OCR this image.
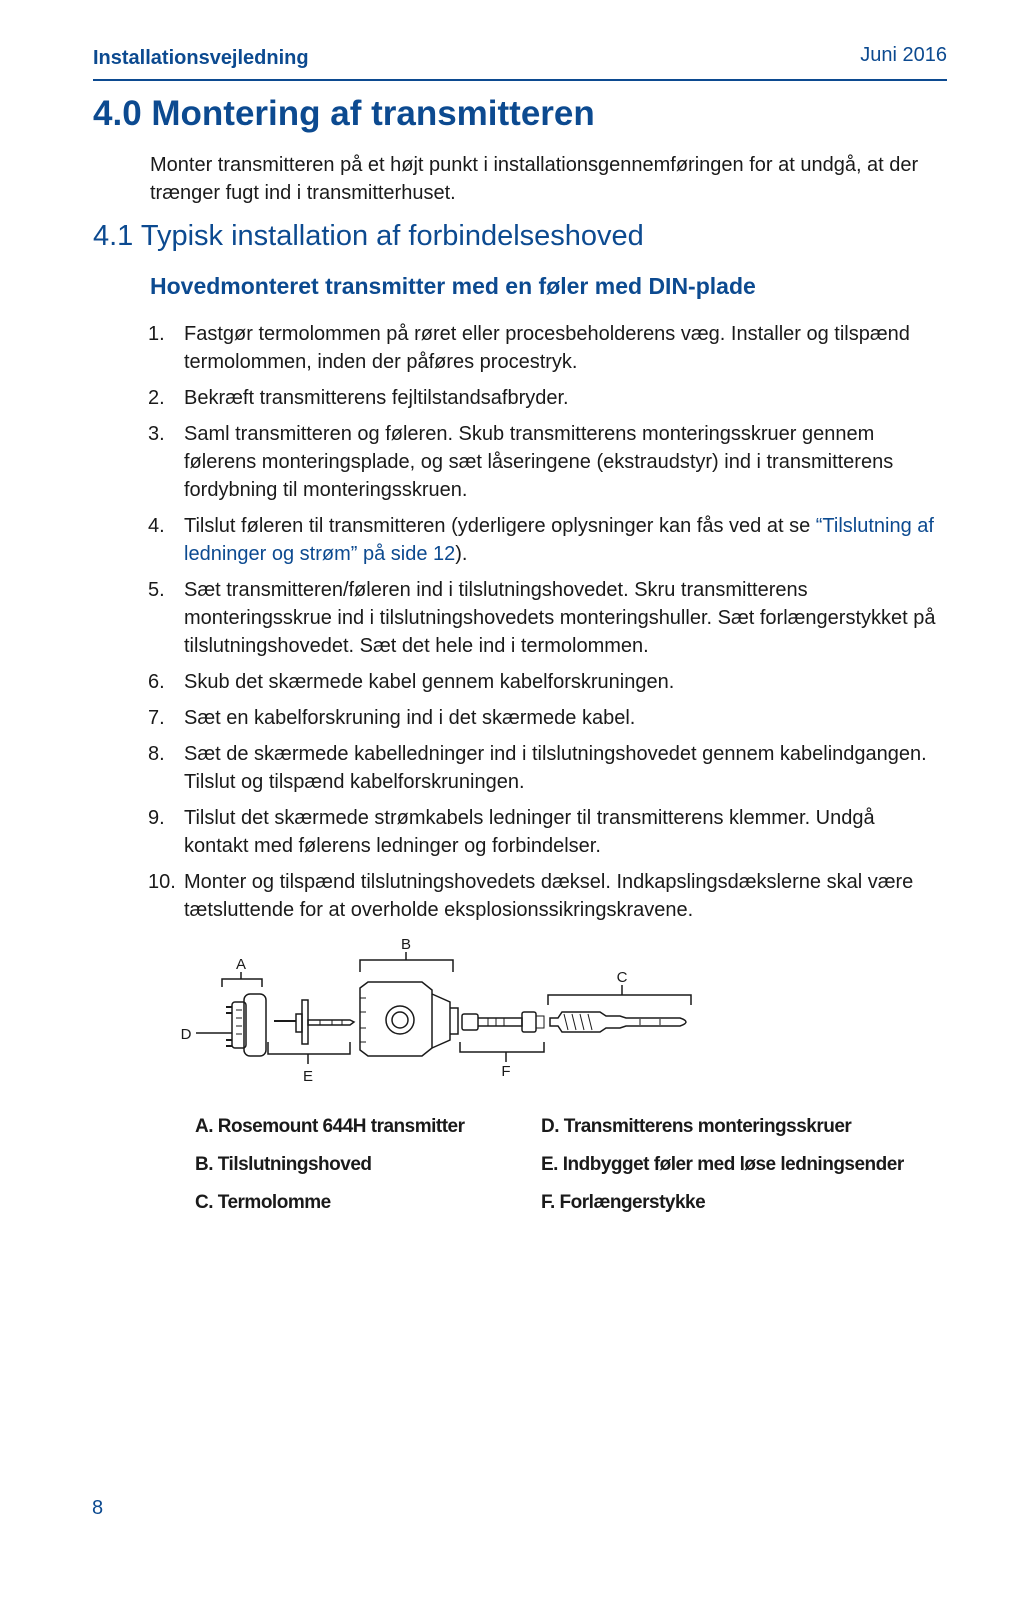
Installationsvejledning	Juni 2016
4.0 Montering af transmitteren
Monter transmitteren på et højt punkt i installationsgennemføringen for at undgå, at der trænger fugt ind i transmitterhuset.
4.1 Typisk installation af forbindelseshoved
Hovedmonteret transmitter med en føler med DIN-plade
1. Fastgør termolommen på røret eller procesbeholderens væg. Installer og tilspænd termolommen, inden der påføres procestryk.
2. Bekræft transmitterens fejltilstandsafbryder.
3. Saml transmitteren og føleren. Skub transmitterens monteringsskruer gennem følerens monteringsplade, og sæt låseringene (ekstraudstyr) ind i transmitterens fordybning til monteringsskruen.
4. Tilslut føleren til transmitteren (yderligere oplysninger kan fås ved at se “Tilslutning af ledninger og strøm” på side 12).
5. Sæt transmitteren/føleren ind i tilslutningshovedet. Skru transmitterens monteringsskrue ind i tilslutningshovedets monteringshuller. Sæt forlængerstykket på tilslutningshovedet. Sæt det hele ind i termolommen.
6. Skub det skærmede kabel gennem kabelforskruningen.
7. Sæt en kabelforskruning ind i det skærmede kabel.
8. Sæt de skærmede kabelledninger ind i tilslutningshovedet gennem kabelindgangen. Tilslut og tilspænd kabelforskruningen.
9. Tilslut det skærmede strømkabels ledninger til transmitterens klemmer. Undgå kontakt med følerens ledninger og forbindelser.
10. Monter og tilspænd tilslutningshovedets dæksel. Indkapslingsdækslerne skal være tætsluttende for at overholde eksplosionssikringskravene.
B
A
C
D
E	F
A. Rosemount 644H transmitter
B. Tilslutningshoved
C. Termolomme
D. Transmitterens monteringsskruer
E. Indbygget føler med løse ledningsender
F. Forlængerstykke
8
